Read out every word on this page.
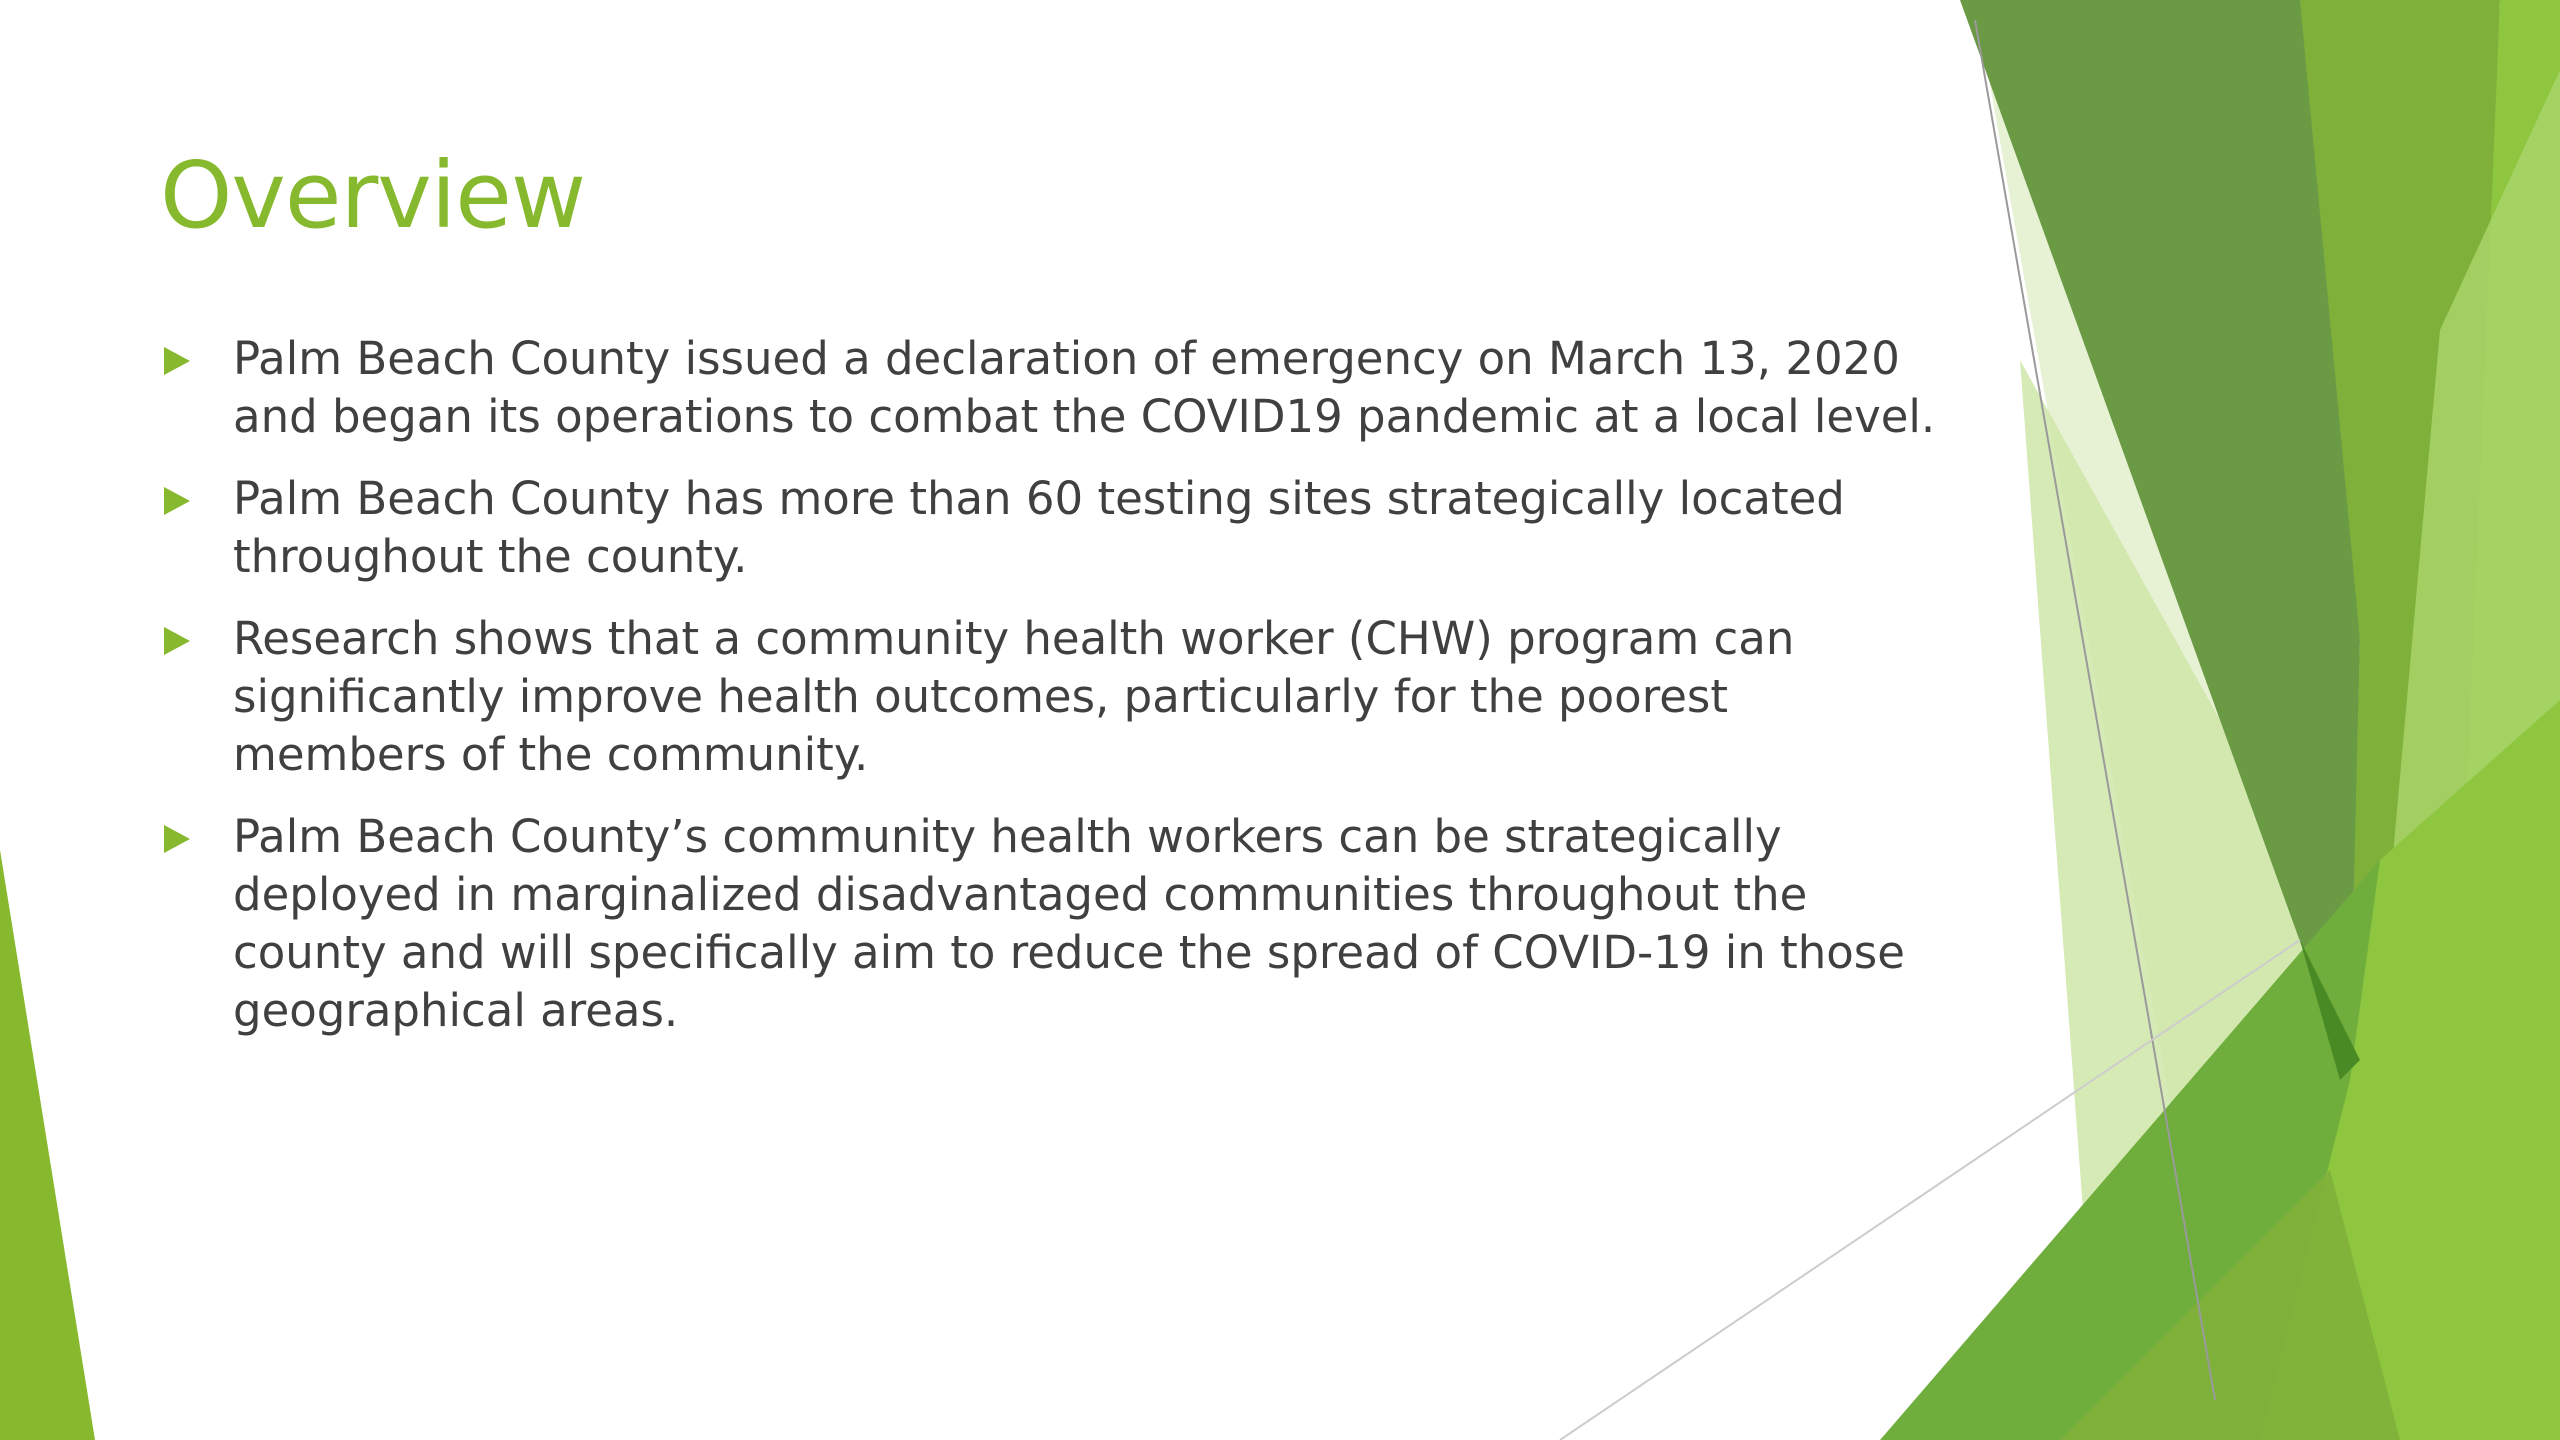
Overview
Palm Beach County issued a declaration of emergency on March 13, 2020 and began its operations to combat the COVID19 pandemic at a local level.
Palm Beach County has more than 60 testing sites strategically located throughout the county.
Research shows that a community health worker (CHW) program can significantly improve health outcomes, particularly for the poorest members of the community.
Palm Beach County’s community health workers can be strategically deployed in marginalized disadvantaged communities throughout the county and will specifically aim to reduce the spread of COVID-19 in those geographical areas.
